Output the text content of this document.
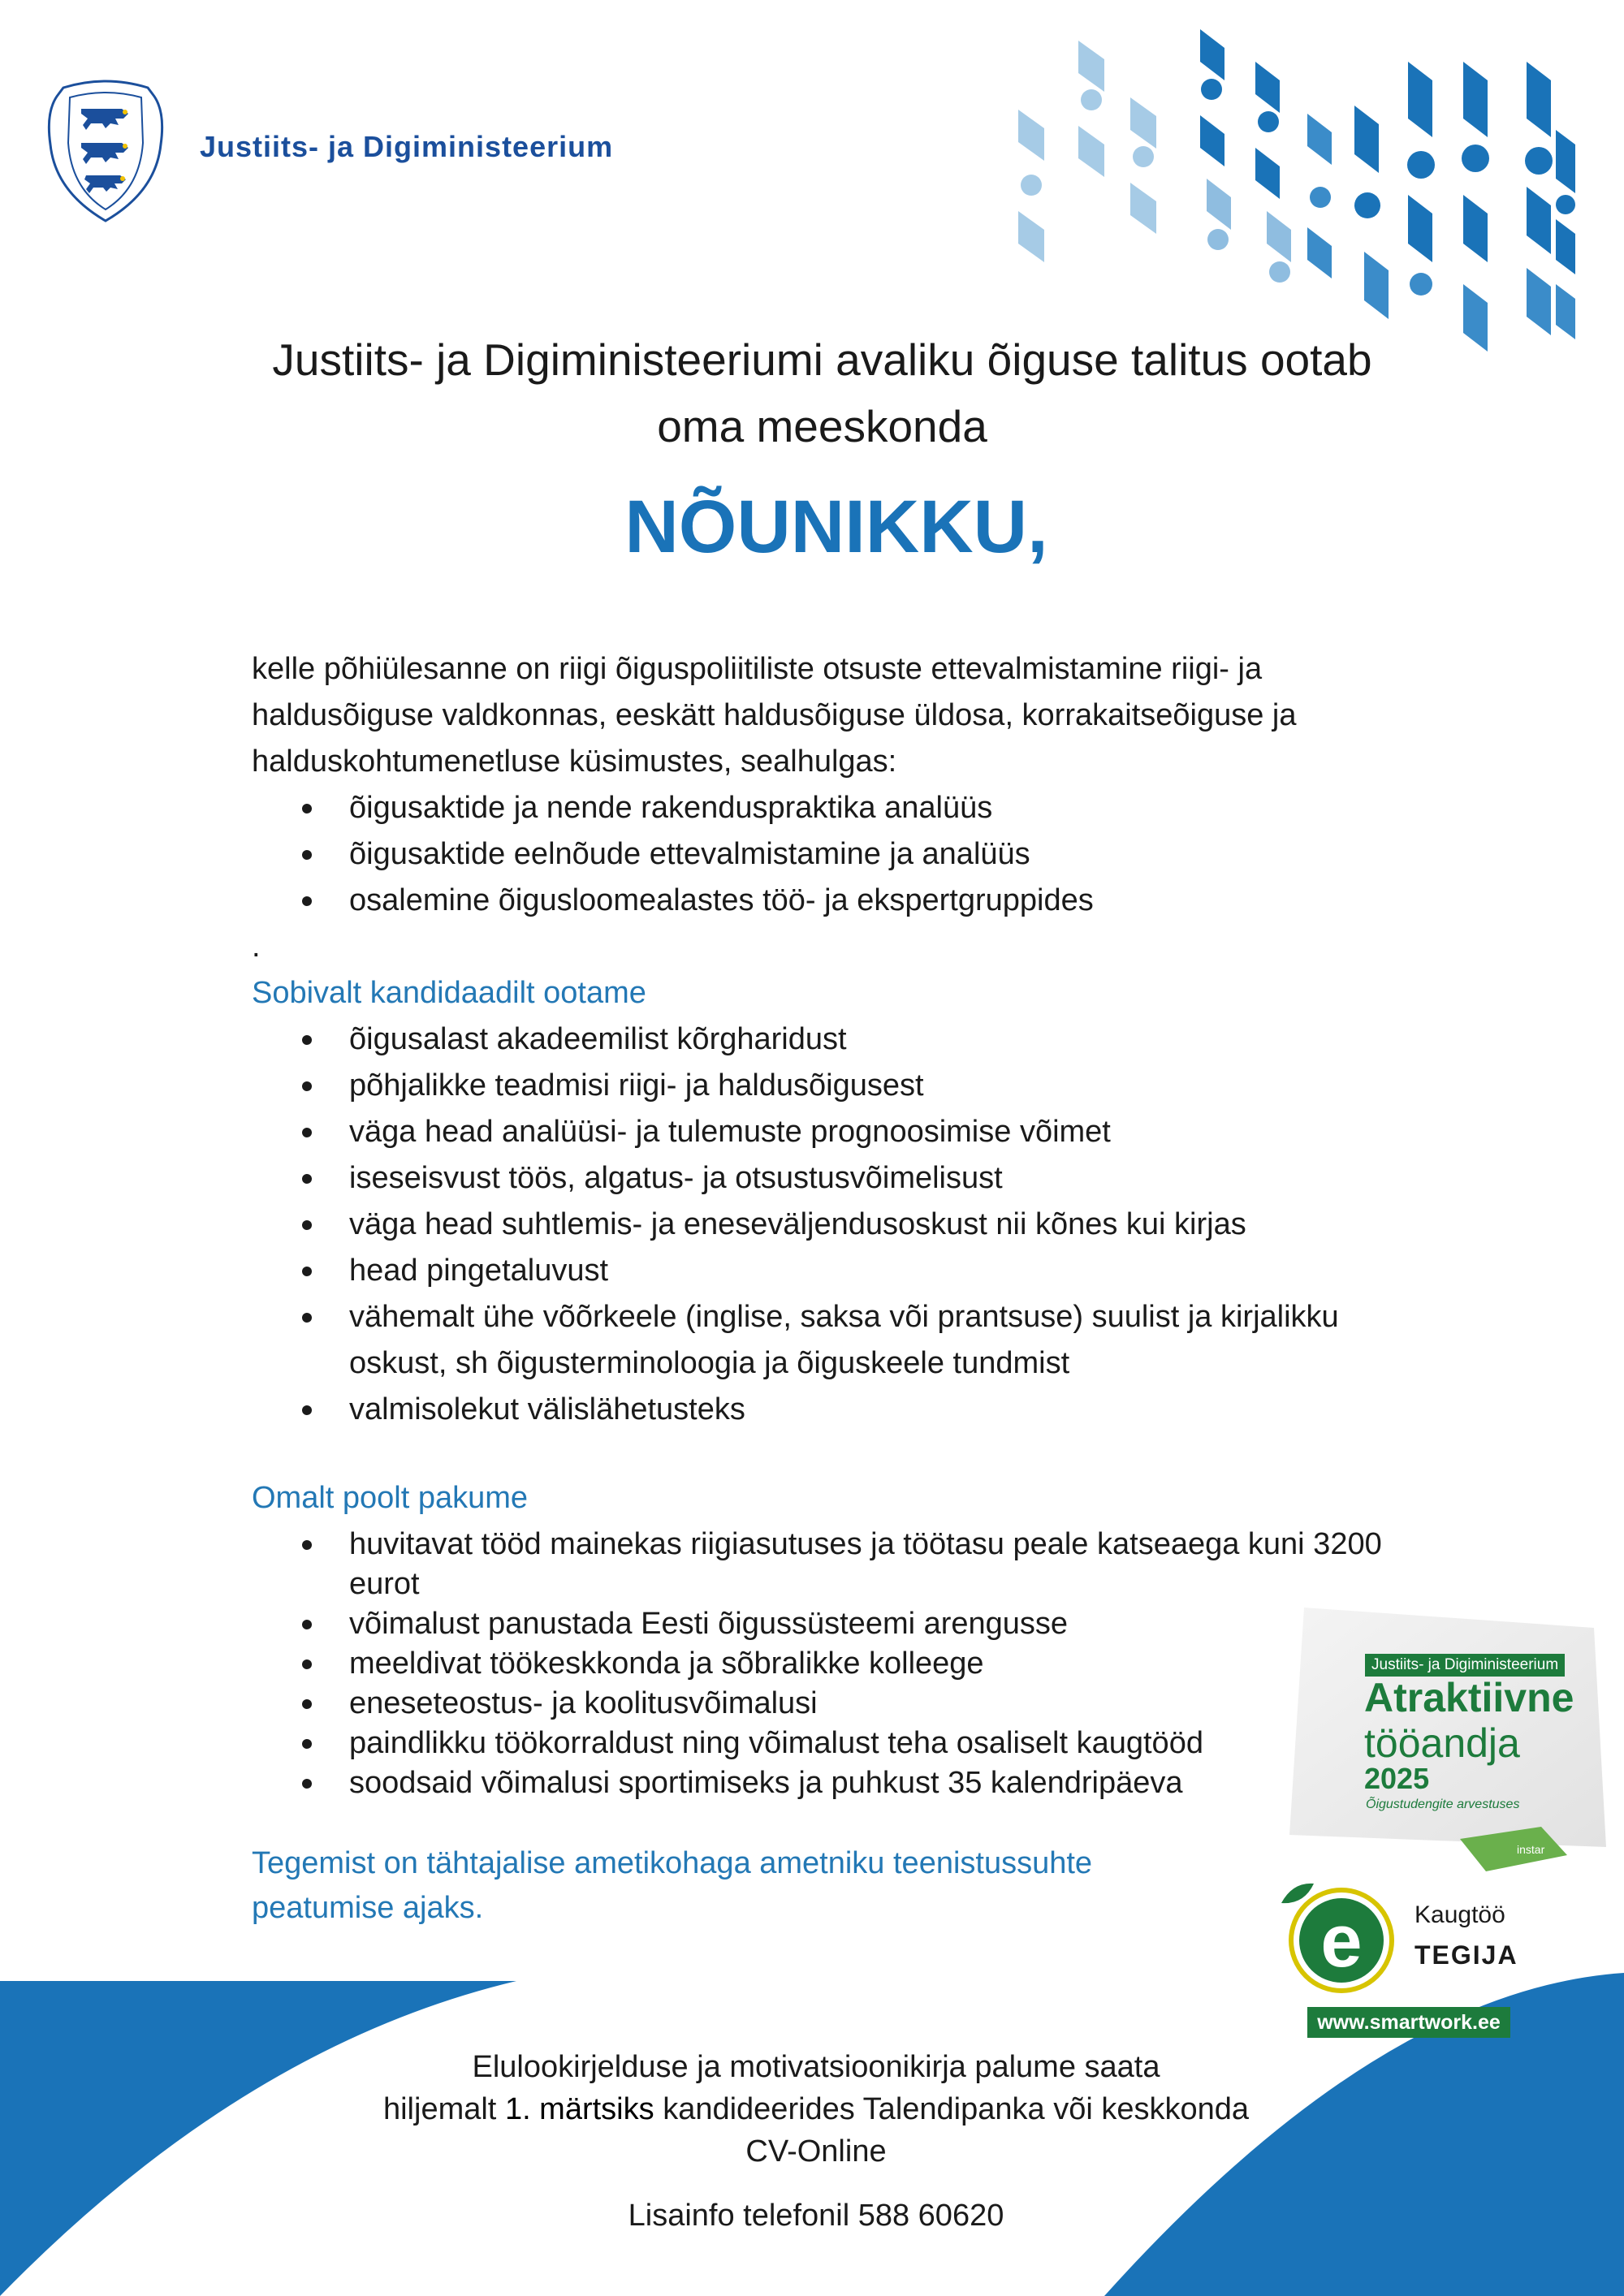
Justiits- ja Digiministeerium
Justiits- ja Digiministeeriumi avaliku õiguse talitus ootab
oma meeskonda
NÕUNIKKU,
kelle põhiülesanne on riigi õiguspoliitiliste otsuste ettevalmistamine riigi- ja
haldusõiguse valdkonnas, eeskätt haldusõiguse üldosa, korrakaitseõiguse ja
halduskohtumenetluse küsimustes, sealhulgas:
õigusaktide ja nende rakenduspraktika analüüs
õigusaktide eelnõude ettevalmistamine ja analüüs
osalemine õigusloomealastes töö- ja ekspertgruppides
.
Sobivalt kandidaadilt ootame
õigusalast akadeemilist kõrgharidust
põhjalikke teadmisi riigi- ja haldusõigusest
väga head analüüsi- ja tulemuste prognoosimise võimet
iseseisvust töös, algatus- ja otsustusvõimelisust
väga head suhtlemis- ja eneseväljendusoskust nii kõnes kui kirjas
head pingetaluvust
vähemalt ühe võõrkeele (inglise, saksa või prantsuse) suulist ja kirjalikku oskust, sh õigusterminoloogia ja õiguskeele tundmist
valmisolekut välislähetusteks
Omalt poolt pakume
huvitavat tööd mainekas riigiasutuses ja töötasu peale katseaega kuni 3200 eurot
võimalust panustada Eesti õigussüsteemi arengusse
meeldivat töökeskkonda ja sõbralikke kolleege
eneseteostus- ja koolitusvõimalusi
paindlikku töökorraldust ning võimalust teha osaliselt kaugtööd
soodsaid võimalusi sportimiseks ja puhkust 35 kalendripäeva
Tegemist on tähtajalise ametikohaga ametniku teenistussuhte
peatumise ajaks.
Elulookirjelduse ja motivatsioonikirja palume saata
hiljemalt 1. märtsiks kandideerides Talendipanka või keskkonda
CV-Online
Lisainfo telefonil 588 60620
instar
Justiits- ja Digiministeerium
Atraktiivne
tööandja
2025
Õigustudengite arvestuses
e Kaugtöö
TEGIJA
www.smartwork.ee
